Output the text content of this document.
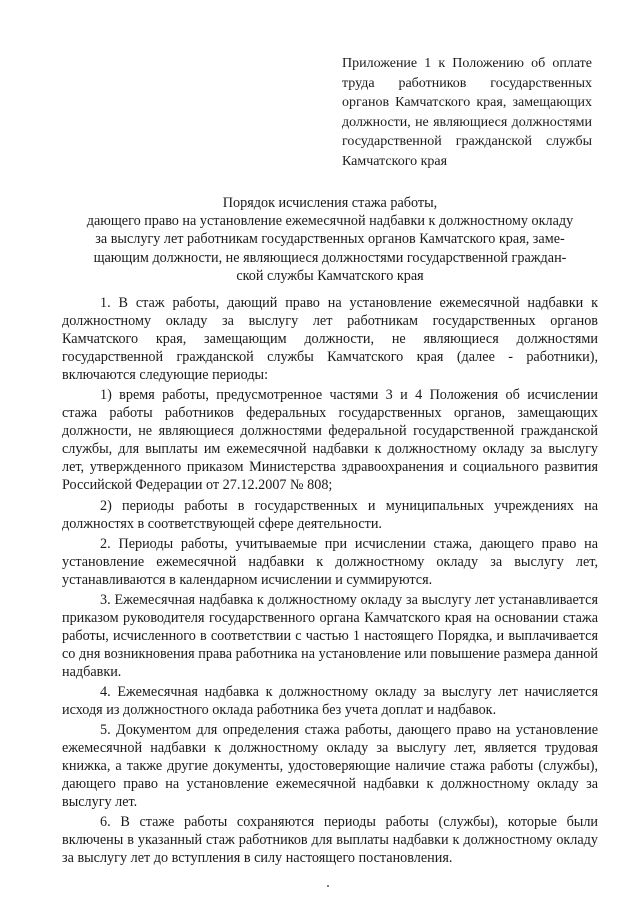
Приложение 1 к Положению об оплате труда работников государственных органов Камчатского края, замещающих должности, не являющиеся должностями государственной гражданской службы Камчатского края
Порядок исчисления стажа работы,
дающего право на установление ежемесячной надбавки к должностному окладу
за выслугу лет работникам государственных органов Камчатского края, заме-
щающим должности, не являющиеся должностями государственной граждан-
ской службы Камчатского края

1. В стаж работы, дающий право на установление ежемесячной надбавки к должностному окладу за выслугу лет работникам государственных органов Камчатского края, замещающим должности, не являющиеся должностями государственной гражданской службы Камчатского края (далее - работники), включаются следующие периоды:

1) время работы, предусмотренное частями 3 и 4 Положения об исчислении стажа работы работников федеральных государственных органов, замещающих должности, не являющиеся должностями федеральной государственной гражданской службы, для выплаты им ежемесячной надбавки к должностному окладу за выслугу лет, утвержденного приказом Министерства здравоохранения и социального развития Российской Федерации от 27.12.2007 № 808;

2) периоды работы в государственных и муниципальных учреждениях на должностях в соответствующей сфере деятельности.

2. Периоды работы, учитываемые при исчислении стажа, дающего право на установление ежемесячной надбавки к должностному окладу за выслугу лет, устанавливаются в календарном исчислении и суммируются.

3. Ежемесячная надбавка к должностному окладу за выслугу лет устанавливается приказом руководителя государственного органа Камчатского края на основании стажа работы, исчисленного в соответствии с частью 1 настоящего Порядка, и выплачивается со дня возникновения права работника на установление или повышение размера данной надбавки.

4. Ежемесячная надбавка к должностному окладу за выслугу лет начисляется исходя из должностного оклада работника без учета доплат и надбавок.

5. Документом для определения стажа работы, дающего право на установление ежемесячной надбавки к должностному окладу за выслугу лет, является трудовая книжка, а также другие документы, удостоверяющие наличие стажа работы (службы), дающего право на установление ежемесячной надбавки к должностному окладу за выслугу лет.

6. В стаже работы сохраняются периоды работы (службы), которые были включены в указанный стаж работников для выплаты надбавки к должностному окладу за выслугу лет до вступления в силу настоящего постановления.
